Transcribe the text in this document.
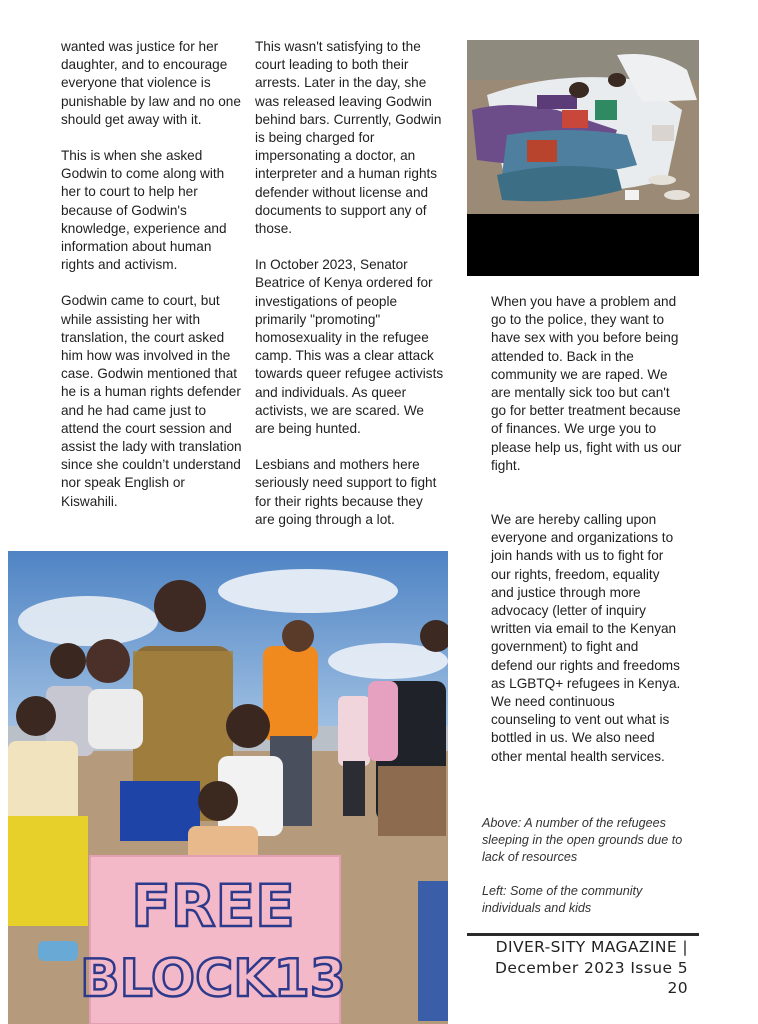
wanted was justice for her daughter, and to encourage everyone that violence is punishable by law and no one should get away with it.

This is when she asked Godwin to come along with her to court to help her because of Godwin's knowledge, experience and information about human rights and activism.

Godwin came to court, but while assisting her with translation, the court asked him how was involved in the case. Godwin mentioned that he is a human rights defender and he had came just to attend the court session and assist the lady with translation since she couldn’t understand nor speak English or Kiswahili.

This wasn't satisfying to the court leading to both their arrests. Later in the day, she was released leaving Godwin behind bars. Currently, Godwin is being charged for impersonating a doctor, an interpreter and a human rights defender without license and documents to support any of those.

In October 2023, Senator Beatrice of Kenya ordered for investigations of people primarily "promoting" homosexuality in the refugee camp. This was a clear attack towards queer refugee activists and individuals. As queer activists, we are scared. We are being hunted.

Lesbians and mothers here seriously need support to fight for their rights because they are going through a lot.

When you have a problem and go to the police, they want to have sex with you before being attended to. Back in the community we are raped. We are mentally sick too but can't go for better treatment because of finances. We urge you to please help us, fight with us our fight.

We are hereby calling upon everyone and organizations to join hands with us to fight for our rights, freedom, equality and justice through more advocacy (letter of inquiry written via email to the Kenyan government) to fight and defend our rights and freedoms as LGBTQ+ refugees in Kenya. We need continuous counseling to vent out what is bottled in us. We also need other mental health services.

Above: A number of the refugees sleeping in the open grounds due to lack of resources
Left: Some of the community individuals and kids
FREE
BLOCK13
DIVER-SITY MAGAZINE |
December 2023 Issue 5
20
